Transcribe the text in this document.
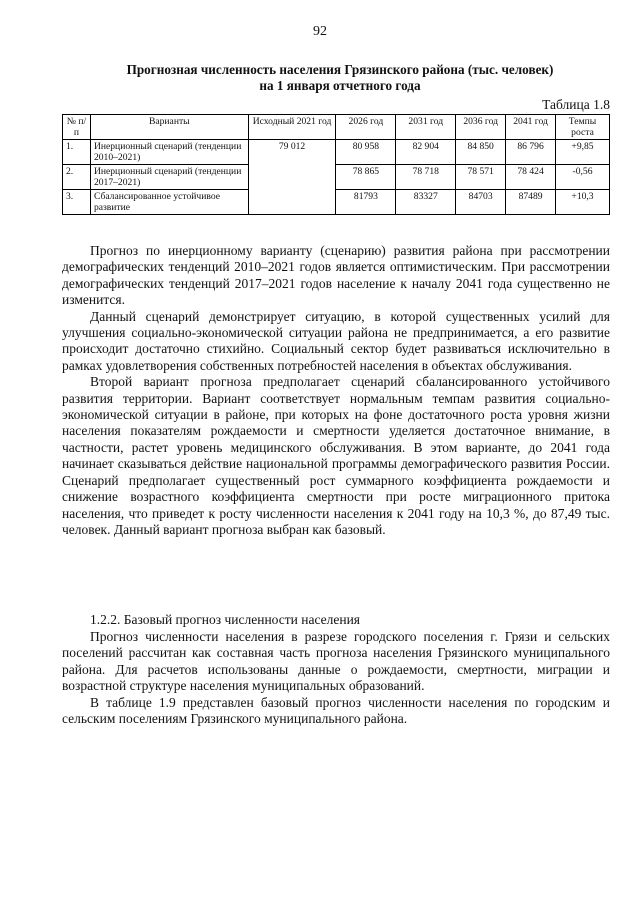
92
Прогнозная численность населения Грязинского района (тыс. человек)
на 1 января отчетного года
Таблица 1.8
№ п/п	Варианты	Исходный 2021 год	2026 год	2031 год	2036 год	2041 год	Темпы роста
1.	Инерционный сценарий (тенденции 2010–2021)	79 012	80 958	82 904	84 850	86 796	+9,85
2.	Инерционный сценарий (тенденции 2017–2021)		78 865	78 718	78 571	78 424	-0,56
3.	Сбалансированное устойчивое развитие		81793	83327	84703	87489	+10,3

Прогноз по инерционному варианту (сценарию) развития района при рассмотрении демографических тенденций 2010–2021 годов является оптимистическим. При рассмотрении демографических тенденций 2017–2021 годов население к началу 2041 года существенно не изменится.

Данный сценарий демонстрирует ситуацию, в которой существенных усилий для улучшения социально-экономической ситуации района не предпринимается, а его развитие происходит достаточно стихийно. Социальный сектор будет развиваться исключительно в рамках удовлетворения собственных потребностей населения в объектах обслуживания.

Второй вариант прогноза предполагает сценарий сбалансированного устойчивого развития территории. Вариант соответствует нормальным темпам развития социально-экономической ситуации в районе, при которых на фоне достаточного роста уровня жизни населения показателям рождаемости и смертности уделяется достаточное внимание, в частности, растет уровень медицинского обслуживания. В этом варианте, до 2041 года начинает сказываться действие национальной программы демографического развития России. Сценарий предполагает существенный рост суммарного коэффициента рождаемости и снижение возрастного коэффициента смертности при росте миграционного притока населения, что приведет к росту численности населения к 2041 году на 10,3 %, до 87,49 тыс. человек. Данный вариант прогноза выбран как базовый.

1.2.2. Базовый прогноз численности населения

Прогноз численности населения в разрезе городского поселения г. Грязи и сельских поселений рассчитан как составная часть прогноза населения Грязинского муниципального района. Для расчетов использованы данные о рождаемости, смертности, миграции и возрастной структуре населения муниципальных образований.

В таблице 1.9 представлен базовый прогноз численности населения по городским и сельским поселениям Грязинского муниципального района.
